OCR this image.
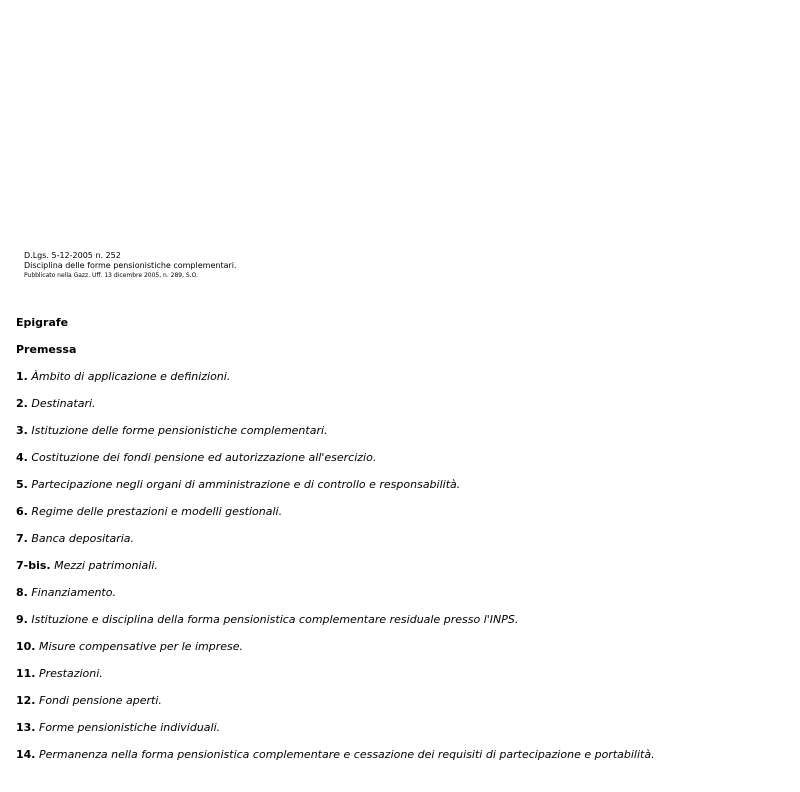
D.Lgs. 5-12-2005 n. 252
Disciplina delle forme pensionistiche complementari.
Pubblicato nella Gazz. Uff. 13 dicembre 2005, n. 289, S.O.
Epigrafe
Premessa
1. Àmbito di applicazione e definizioni.
2. Destinatari.
3. Istituzione delle forme pensionistiche complementari.
4. Costituzione dei fondi pensione ed autorizzazione all'esercizio.
5. Partecipazione negli organi di amministrazione e di controllo e responsabilità.
6. Regime delle prestazioni e modelli gestionali.
7. Banca depositaria.
7-bis. Mezzi patrimoniali.
8. Finanziamento.
9. Istituzione e disciplina della forma pensionistica complementare residuale presso l'INPS.
10. Misure compensative per le imprese.
11. Prestazioni.
12. Fondi pensione aperti.
13. Forme pensionistiche individuali.
14. Permanenza nella forma pensionistica complementare e cessazione dei requisiti di partecipazione e portabilità.
